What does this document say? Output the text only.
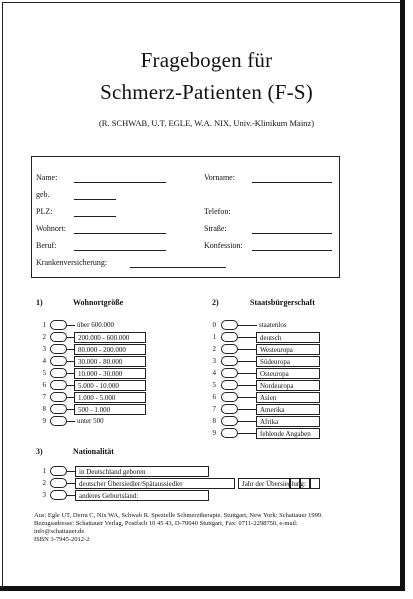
Fragebogen für
Schmerz-Patienten (F-S)
(R. SCHWAB, U.T. EGLE, W.A. NIX, Univ.-Klinikum Mainz)
Name:	Vorname:
geb.
PLZ:	Telefon:
Wohnort:	Straße:
Beruf:	Konfession:
Krankenversicherung:
1)	Wohnortgröße	2)	Staatsbürgerschaft
1	über 600.000
2	200.000 - 600.000
3	80.000 - 200.000
4	30.000 - 80.000
5	10.000 - 30.000
6	5.000 - 10.000
7	1.000 - 5.000
8	500 - 1.000
9	unter 500
0	staatenlos
1	deutsch
2	Westeuropa
3	Südeuropa
4	Osteuropa
5	Nordeuropa
6	Asien
7	Amerika
8	Afrika
9	fehlende Angaben
3)	Nationalität
1	in Deutschland geboren
2	deutscher Übersiedler/Spätaussiedler	Jahr der Übersiedlung:
3	anderes Geburtsland:
Aus: Egle UT, Derra C, Nix WA, Schwab R. Spezielle Schmerztherapie. Stuttgart, New York: Schattauer 1999.
Bezugsadresse: Schattauer Verlag, Postfach 10 45 43, D-70040 Stuttgart, Fax: 0711-2298750, e-mail:
info@schattauer.de
ISBN 3-7945-2012-2
